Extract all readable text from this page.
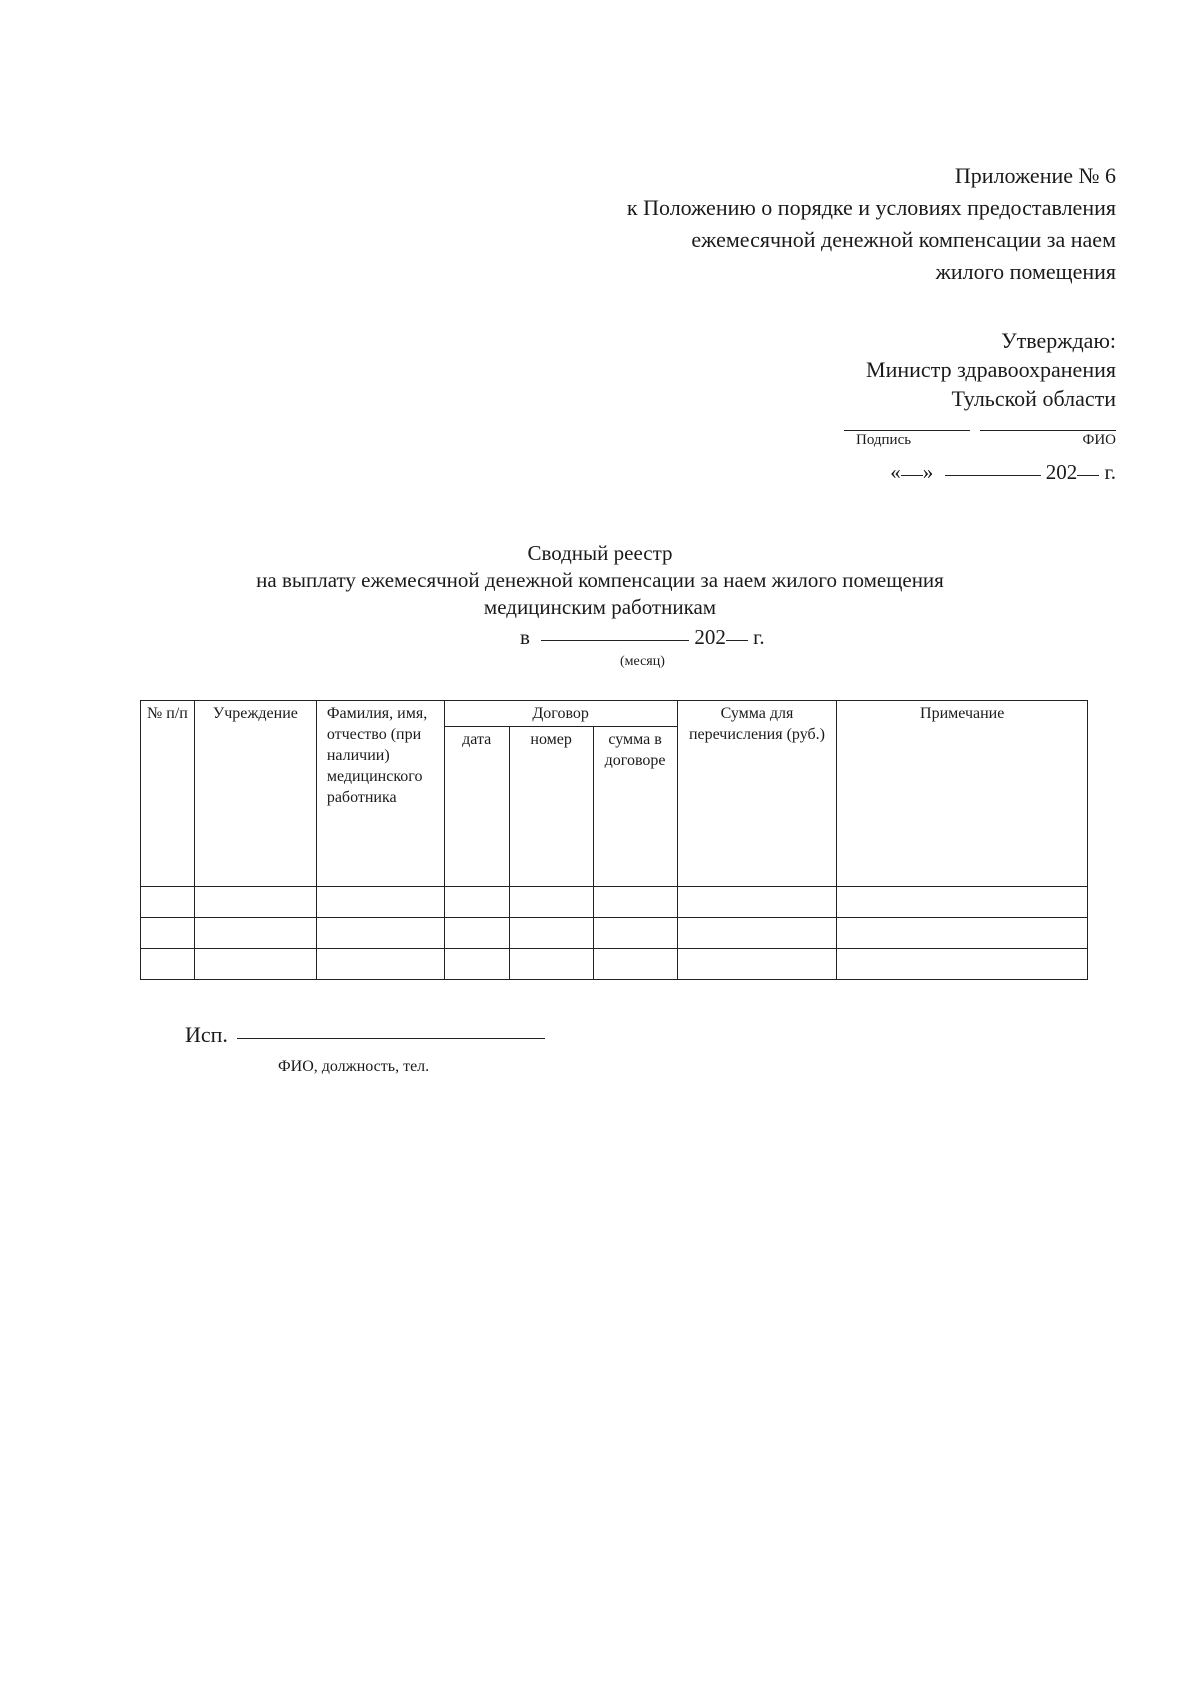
Приложение № 6
к Положению о порядке и условиях предоставления
ежемесячной денежной компенсации за наем
жилого помещения
Утверждаю:
Министр здравоохранения
Тульской области
Подпись	ФИО
« »	202 г.
Сводный реестр
на выплату ежемесячной денежной компенсации за наем жилого помещения
медицинским работникам
в	202 г.
(месяц)
№ п/п	Учреждение	Фамилия, имя, отчество (при наличии) медицинского работника	Договор			Сумма для перечисления (руб.)	Примечание
			дата	номер	сумма в договоре		

Исп.
ФИО, должность, тел.
